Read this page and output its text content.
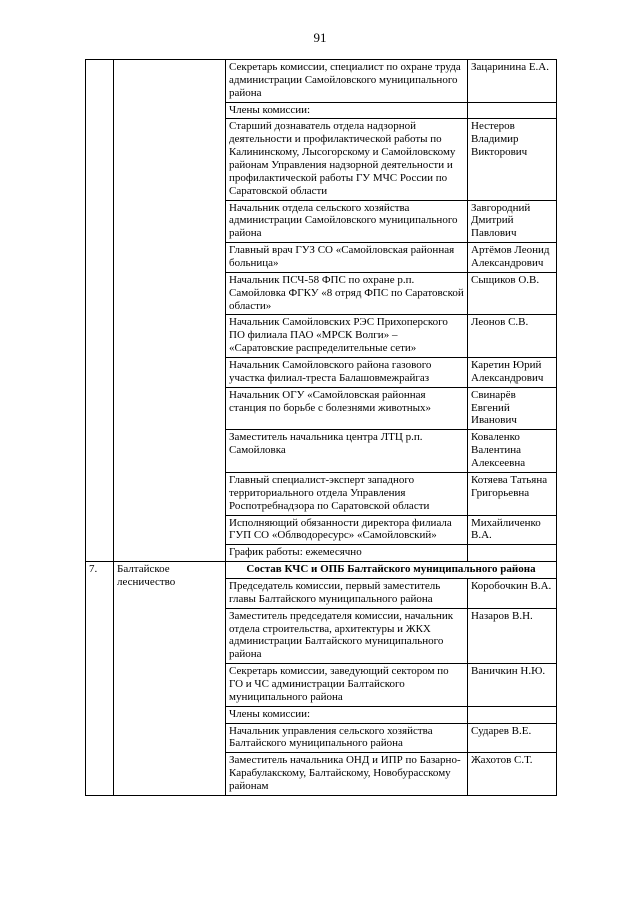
91
		Секретарь комиссии, специалист по охране труда администрации Самойловского муниципального района	Зацаринина Е.А.
		Члены комиссии:	
		Старший дознаватель отдела надзорной деятельности и профилактической работы по Калининскому, Лысогорскому и Самойловскому районам Управления надзорной деятельности и профилактической работы ГУ МЧС России по Саратовской области	Нестеров Владимир Викторович
		Начальник отдела сельского хозяйства администрации Самойловского муниципального района	Завгородний Дмитрий Павлович
		Главный врач ГУЗ СО «Самойловская районная больница»	Артёмов Леонид Александрович
		Начальник ПСЧ-58 ФПС по охране р.п. Самойловка ФГКУ «8 отряд ФПС по Саратовской области»	Сыщиков О.В.
		Начальник Самойловских РЭС Прихоперского ПО филиала ПАО «МРСК Волги» – «Саратовские распределительные сети»	Леонов С.В.
		Начальник Самойловского района газового участка филиал-треста Балашовмежрайгаз	Каретин Юрий Александрович
		Начальник ОГУ «Самойловская районная станция по борьбе с болезнями животных»	Свинарёв Евгений Иванович
		Заместитель начальника центра ЛТЦ р.п. Самойловка	Коваленко Валентина Алексеевна
		Главный специалист-эксперт западного территориального отдела Управления Роспотребнадзора по Саратовской области	Котяева Татьяна Григорьевна
		Исполняющий обязанности директора филиала ГУП СО «Облводоресурс» «Самойловский»	Михайличенко В.А.
		График работы: ежемесячно	
7.	Балтайское лесничество	Состав КЧС и ОПБ Балтайского муниципального района	
		Председатель комиссии, первый заместитель главы Балтайского муниципального района	Коробочкин В.А.
		Заместитель председателя комиссии, начальник отдела строительства, архитектуры и ЖКХ администрации Балтайского муниципального района	Назаров В.Н.
		Секретарь комиссии, заведующий сектором по ГО и ЧС администрации Балтайского муниципального района	Ваничкин Н.Ю.
		Члены комиссии:	
		Начальник управления сельского хозяйства Балтайского муниципального района	Сударев В.Е.
		Заместитель начальника ОНД и ИПР по Базарно-Карабулакскому, Балтайскому, Новобурасскому районам	Жахотов С.Т.
